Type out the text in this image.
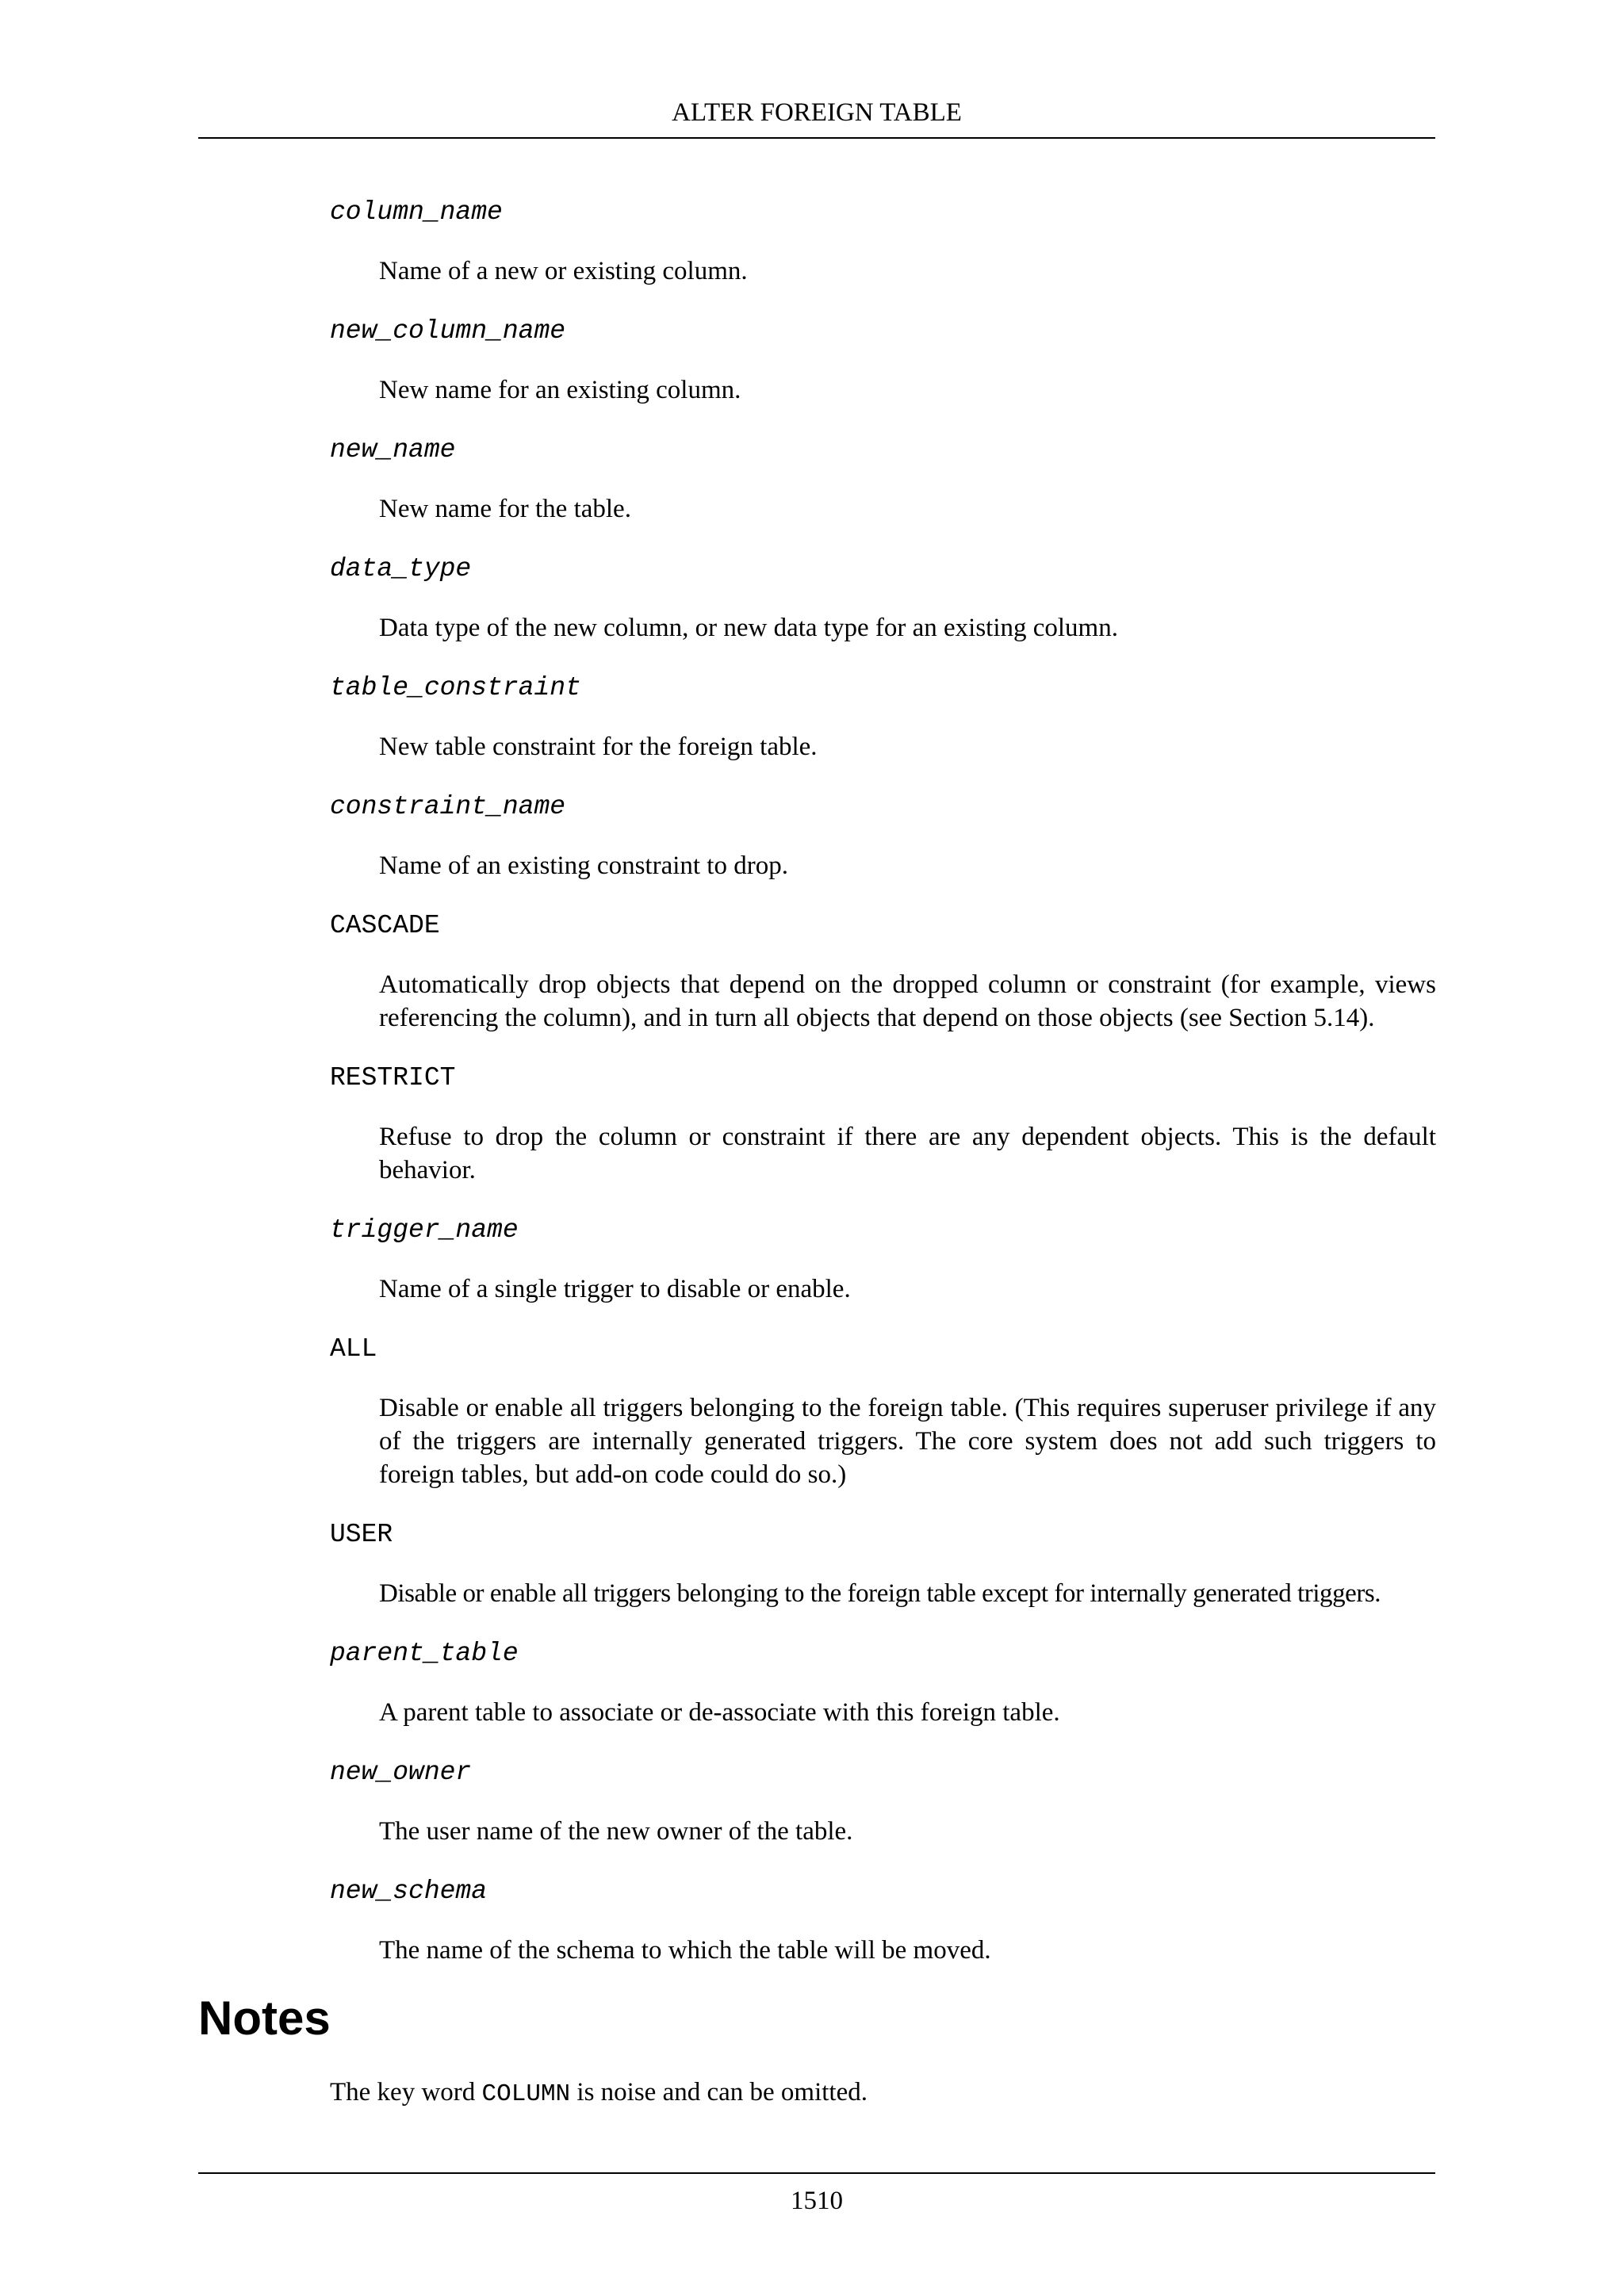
ALTER FOREIGN TABLE
column_name
Name of a new or existing column.
new_column_name
New name for an existing column.
new_name
New name for the table.
data_type
Data type of the new column, or new data type for an existing column.
table_constraint
New table constraint for the foreign table.
constraint_name
Name of an existing constraint to drop.
CASCADE
Automatically drop objects that depend on the dropped column or constraint (for example, views referencing the column), and in turn all objects that depend on those objects (see Section 5.14).
RESTRICT
Refuse to drop the column or constraint if there are any dependent objects. This is the default behavior.
trigger_name
Name of a single trigger to disable or enable.
ALL
Disable or enable all triggers belonging to the foreign table. (This requires superuser privilege if any of the triggers are internally generated triggers. The core system does not add such triggers to foreign tables, but add-on code could do so.)
USER
Disable or enable all triggers belonging to the foreign table except for internally generated triggers.
parent_table
A parent table to associate or de-associate with this foreign table.
new_owner
The user name of the new owner of the table.
new_schema
The name of the schema to which the table will be moved.
Notes
The key word COLUMN is noise and can be omitted.
1510
